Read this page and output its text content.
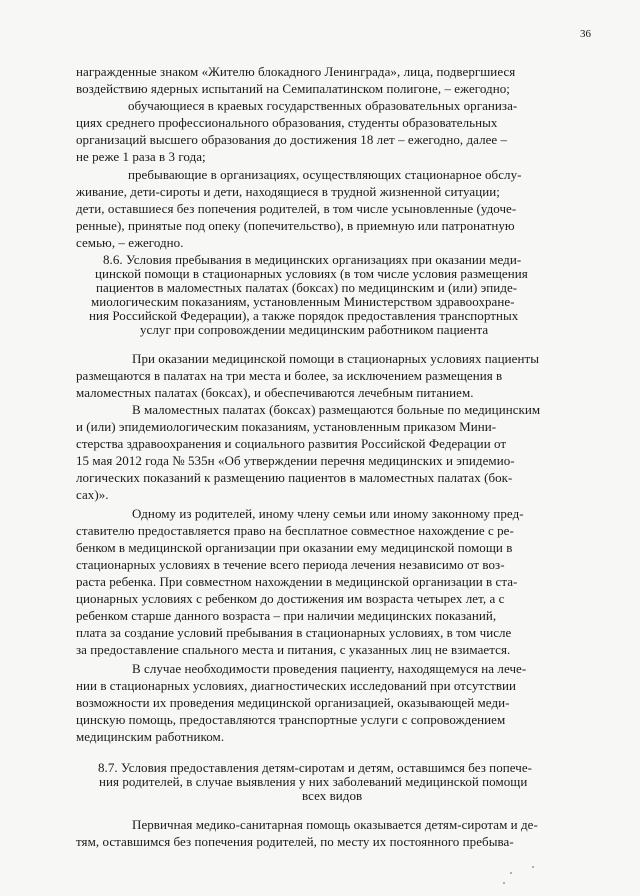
36
награжденные знаком «Жителю блокадного Ленинграда», лица, подвергшиеся
воздействию ядерных испытаний на Семипалатинском полигоне, – ежегодно;
обучающиеся в краевых государственных образовательных организа-
циях среднего профессионального образования, студенты образовательных
организаций высшего образования до достижения 18 лет – ежегодно, далее –
не реже 1 раза в 3 года;
пребывающие в организациях, осуществляющих стационарное обслу-
живание, дети-сироты и дети, находящиеся в трудной жизненной ситуации;
дети, оставшиеся без попечения родителей, в том числе усыновленные (удоче-
ренные), принятые под опеку (попечительство), в приемную или патронатную
семью, – ежегодно.
8.6. Условия пребывания в медицинских организациях при оказании меди-
цинской помощи в стационарных условиях (в том числе условия размещения
пациентов в маломестных палатах (боксах) по медицинским и (или) эпиде-
миологическим показаниям, установленным Министерством здравоохране-
ния Российской Федерации), а также порядок предоставления транспортных
услуг при сопровождении медицинским работником пациента
При оказании медицинской помощи в стационарных условиях пациенты
размещаются в палатах на три места и более, за исключением размещения в
маломестных палатах (боксах), и обеспечиваются лечебным питанием.
В маломестных палатах (боксах) размещаются больные по медицинским
и (или) эпидемиологическим показаниям, установленным приказом Мини-
стерства здравоохранения и социального развития Российской Федерации от
15 мая 2012 года № 535н «Об утверждении перечня медицинских и эпидемио-
логических показаний к размещению пациентов в маломестных палатах (бок-
сах)».
Одному из родителей, иному члену семьи или иному законному пред-
ставителю предоставляется право на бесплатное совместное нахождение с ре-
бенком в медицинской организации при оказании ему медицинской помощи в
стационарных условиях в течение всего периода лечения независимо от воз-
раста ребенка. При совместном нахождении в медицинской организации в ста-
ционарных условиях с ребенком до достижения им возраста четырех лет, а с
ребенком старше данного возраста – при наличии медицинских показаний,
плата за создание условий пребывания в стационарных условиях, в том числе
за предоставление спального места и питания, с указанных лиц не взимается.
В случае необходимости проведения пациенту, находящемуся на лече-
нии в стационарных условиях, диагностических исследований при отсутствии
возможности их проведения медицинской организацией, оказывающей меди-
цинскую помощь, предоставляются транспортные услуги с сопровождением
медицинским работником.
8.7. Условия предоставления детям-сиротам и детям, оставшимся без попече-
ния родителей, в случае выявления у них заболеваний медицинской помощи
всех видов
Первичная медико-санитарная помощь оказывается детям-сиротам и де-
тям, оставшимся без попечения родителей, по месту их постоянного пребыва-
